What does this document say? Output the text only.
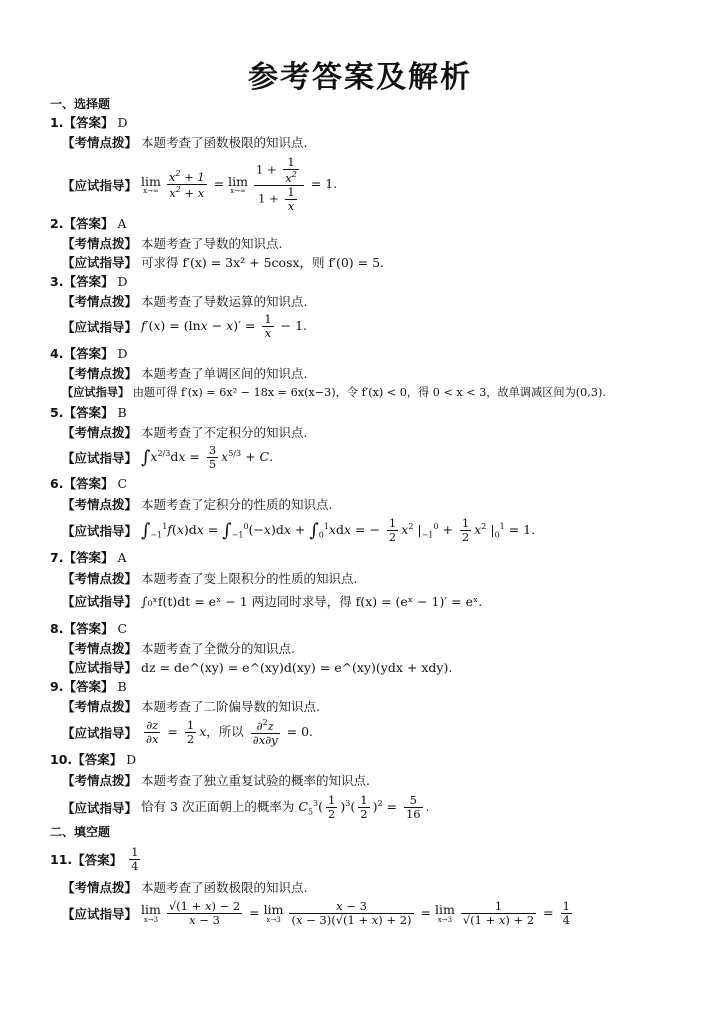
参考答案及解析
一、选择题
1.【答案】 D
【考情点拨】 本题考查了函数极限的知识点.
【应试指导】 lim
$x\to\infty \frac{x^2 + 1}{x^2 + x} = \lim$
$x\to\infty \frac{1 + \frac{1}{x^2}}{1 + \frac{1}{x}} = 1$.
2.【答案】 A
【考情点拨】 本题考查了导数的知识点.
【应试指导】 可求得 f′(x) = 3x² + 5cosx，则 f′(0) = 5.
3.【答案】 D
【考情点拨】 本题考查了导数运算的知识点.
【应试指导】 $f'(x) = (\ln x - x)' = \frac{1}{x} - 1$.
4.【答案】 D
【考情点拨】 本题考查了单调区间的知识点.
【应试指导】 由题可得 f′(x) = 6x² − 18x = 6x(x−3)，令 f′(x) < 0，得 0 < x < 3，故单调减区间为(0,3).
5.【答案】 B
【考情点拨】 本题考查了不定积分的知识点.
【应试指导】 $\int x^{2/3}dx = \frac{3}{5} x^{5/3} + C$.
6.【答案】 C
【考情点拨】 本题考查了定积分的性质的知识点.
【应试指导】 $\int_{-1}^1f(x)dx = \int_{-1}^0(-x)dx + \int_0^1xdx$ = − $\frac{1}{2} x^2$ $|_{-1}^0 + \frac{1}{2} x^2$ $|_0^1 = 1$.
7.【答案】 A
【考情点拨】 本题考查了变上限积分的性质的知识点.
【应试指导】 ∫₀ˣf(t)dt = eˣ − 1 两边同时求导，得 f(x) = (eˣ − 1)′ = eˣ.
8.【答案】 C
【考情点拨】 本题考查了全微分的知识点.
【应试指导】 dz = de^(xy) = e^(xy)d(xy) = e^(xy)(ydx + xdy).
9.【答案】 B
【考情点拨】 本题考查了二阶偏导数的知识点.
【应试指导】 $\frac{\partial z}{\partial x} = \frac{1}{2}$ x，所以 $\frac{\partial^2z}{\partial x\partial y} = 0$.
10.【答案】 D
【考情点拨】 本题考查了独立重复试验的概率的知识点.
【应试指导】 恰有 3 次正面朝上的概率为 $C_5^3( \frac{1}{2} )^3( \frac{1}{2} )^2 = \frac{5}{16}$ .
二、填空题
11.【答案】 $\frac{1}{4}$
【考情点拨】 本题考查了函数极限的知识点.
【应试指导】 lim
$x\to 3 \frac{√(1 + x) - 2}{x - 3} = \lim$
$x\to 3 \frac{x - 3}{(x - 3)(√(1 + x) + 2)} = \lim$
$x\to 3 \frac{1}{√(1 + x) + 2} = \frac{1}{4}$
